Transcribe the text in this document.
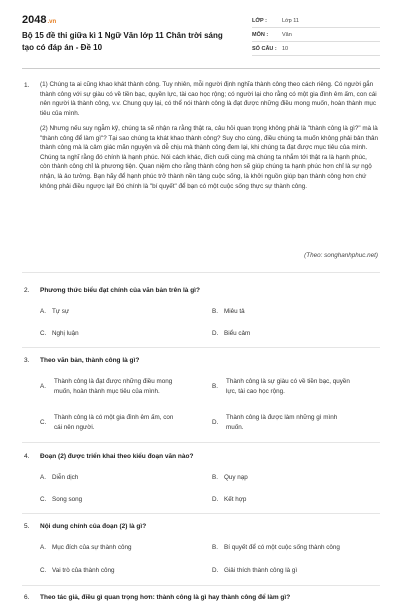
2048.vn
Bộ 15 đề thi giữa kì 1 Ngữ Văn lớp 11 Chân trời sáng tạo có đáp án - Đề 10
LỚP :	Lớp 11
MÔN :	Văn
SỐ CÂU : 10
1. (1) Chúng ta ai cũng khao khát thành công. Tuy nhiên, mỗi người định nghĩa thành công theo cách riêng. Có người gắn thành công với sự giàu có về tiền bạc, quyền lực, tài cao học rộng; có người lại cho rằng có một gia đình êm ấm, con cái nên người là thành công, v.v. Chung quy lại, có thể nói thành công là đạt được những điều mong muốn, hoàn thành mục tiêu của mình.
(2) Nhưng nếu suy ngẫm kỹ, chúng ta sẽ nhận ra rằng thật ra, câu hỏi quan trọng không phải là "thành công là gì?" mà là "thành công để làm gì"? Tại sao chúng ta khát khao thành công? Suy cho cùng, điều chúng ta muốn không phải bản thân thành công mà là cảm giác mãn nguyện và dễ chịu mà thành công đem lại, khi chúng ta đạt được mục tiêu của mình. Chúng ta nghĩ rằng đó chính là hạnh phúc. Nói cách khác, đích cuối cùng mà chúng ta nhắm tới thật ra là hạnh phúc, còn thành công chỉ là phương tiện. Quan niệm cho rằng thành công hơn sẽ giúp chúng ta hạnh phúc hơn chỉ là sự ngộ nhận, là ảo tưởng. Bạn hãy để hạnh phúc trở thành nền tảng cuộc sống, là khởi nguồn giúp bạn thành công hơn chứ không phải điều ngược lại! Đó chính là "bí quyết" để bạn có một cuộc sống thực sự thành công.
(Theo: songhanhphuc.net)
2. Phương thức biểu đạt chính của văn bản trên là gì?
A. Tự sự	B. Miêu tả
C. Nghị luận	D. Biểu cảm
3. Theo văn bản, thành công là gì?
A.
Thành công là đạt được những điều mong muốn, hoàn thành mục tiêu của mình.
B.
Thành công là sự giàu có về tiền bạc, quyền lực, tài cao học rộng.
C.
Thành công là có một gia đình êm ấm, con cái nên người.
D.
Thành công là được làm những gì mình muốn.
4. Đoạn (2) được triển khai theo kiểu đoạn văn nào?
A. Diễn dịch	B. Quy nạp
C. Song song	D. Kết hợp
5. Nội dung chính của đoạn (2) là gì?
A. Mục đích của sự thành công	B. Bí quyết để có một cuộc sống thành công
C. Vai trò của thành công	D. Giải thích thành công là gì
6. Theo tác giả, điều gì quan trọng hơn: thành công là gì hay thành công để làm gì?
